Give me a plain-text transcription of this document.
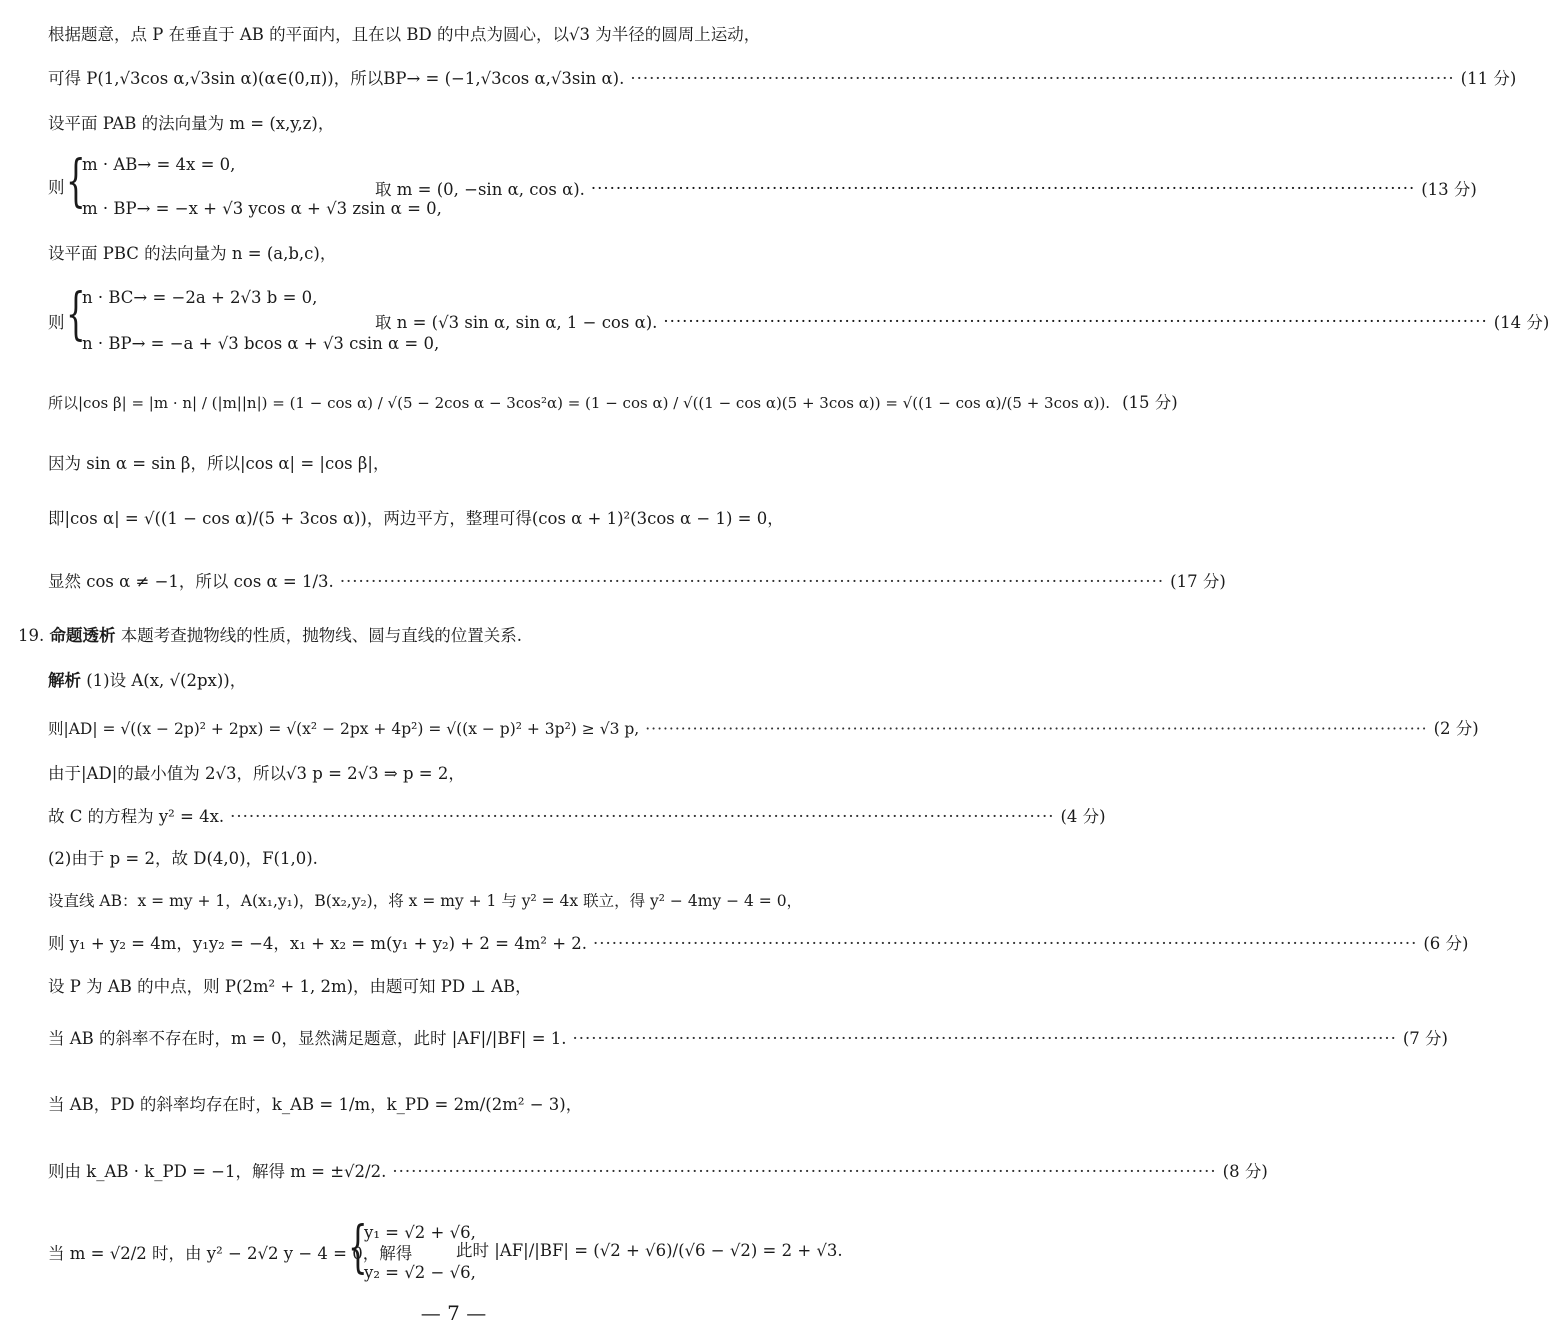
根据题意，点 P 在垂直于 AB 的平面内，且在以 BD 的中点为圆心，以√3 为半径的圆周上运动，
可得 P(1,√3cos α,√3sin α)(α∈(0,π))，所以BP→ = (−1,√3cos α,√3sin α). ·····	(11 分)
设平面 PAB 的法向量为 m = (x,y,z)，
则 {
m · AB→ = 4x = 0,
m · BP→ = −x + √3 ycos α + √3 zsin α = 0,
取 m = (0, −sin α, cos α). ·····	(13 分)
设平面 PBC 的法向量为 n = (a,b,c)，
则 {
n · BC→ = −2a + 2√3 b = 0,
n · BP→ = −a + √3 bcos α + √3 csin α = 0,
取 n = (√3 sin α, sin α, 1 − cos α). ·····	(14 分)
所以|cos β| = |m · n| / (|m||n|) = (1 − cos α) / √(5 − 2cos α − 3cos²α) = (1 − cos α) / √((1 − cos α)(5 + 3cos α)) = √((1 − cos α)/(5 + 3cos α)). (15 分)
因为 sin α = sin β，所以|cos α| = |cos β|，
即|cos α| = √((1 − cos α)/(5 + 3cos α))，两边平方，整理可得(cos α + 1)²(3cos α − 1) = 0，
显然 cos α ≠ −1，所以 cos α = 1/3. ·····	(17 分)
19. 命题透析 本题考查抛物线的性质，抛物线、圆与直线的位置关系.
解析 (1)设 A(x, √(2px))，
则|AD| = √((x − 2p)² + 2px) = √(x² − 2px + 4p²) = √((x − p)² + 3p²) ≥ √3 p, ·····	(2 分)
由于|AD|的最小值为 2√3，所以√3 p = 2√3 ⇒ p = 2，
故 C 的方程为 y² = 4x. ·····	(4 分)
(2)由于 p = 2，故 D(4,0)，F(1,0).
设直线 AB：x = my + 1，A(x₁,y₁)，B(x₂,y₂)，将 x = my + 1 与 y² = 4x 联立，得 y² − 4my − 4 = 0，
则 y₁ + y₂ = 4m，y₁y₂ = −4，x₁ + x₂ = m(y₁ + y₂) + 2 = 4m² + 2. ·····	(6 分)
设 P 为 AB 的中点，则 P(2m² + 1, 2m)，由题可知 PD ⊥ AB，
当 AB 的斜率不存在时，m = 0，显然满足题意，此时 |AF|/|BF| = 1. ·····	(7 分)
当 AB，PD 的斜率均存在时，k_AB = 1/m，k_PD = 2m/(2m² − 3)，
则由 k_AB · k_PD = −1，解得 m = ±√2/2. ·····	(8 分)
当 m = √2/2 时，由 y² − 2√2 y − 4 = 0，解得
{
y₁ = √2 + √6,
y₂ = √2 − √6,
此时 |AF|/|BF| = (√2 + √6)/(√6 − √2) = 2 + √3.
— 7 —
